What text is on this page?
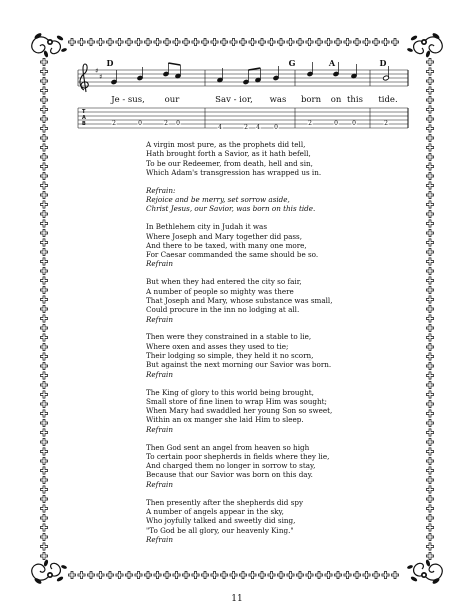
♯
♯
T
A
B
D	G	A	D
Je - sus, our	Sav - ior, was born on this tide.
2	0	2 0
4	2 4 0
2	0 0	2
A virgin most pure, as the prophets did tell,
Hath brought forth a Savior, as it hath befell,
To be our Redeemer, from death, hell and sin,
Which Adam's transgression has wrapped us in.
Refrain:
Rejoice and be merry, set sorrow aside,
Christ Jesus, our Savior, was born on this tide.
In Bethlehem city in Judah it was
Where Joseph and Mary together did pass,
And there to be taxed, with many one more,
For Caesar commanded the same should be so.
Refrain
But when they had entered the city so fair,
A number of people so mighty was there
That Joseph and Mary, whose substance was small,
Could procure in the inn no lodging at all.
Refrain
Then were they constrained in a stable to lie,
Where oxen and asses they used to tie;
Their lodging so simple, they held it no scorn,
But against the next morning our Savior was born.
Refrain
The King of glory to this world being brought,
Small store of fine linen to wrap Him was sought;
When Mary had swaddled her young Son so sweet,
Within an ox manger she laid Him to sleep.
Refrain
Then God sent an angel from heaven so high
To certain poor shepherds in fields where they lie,
And charged them no longer in sorrow to stay,
Because that our Savior was born on this day.
Refrain
Then presently after the shepherds did spy
A number of angels appear in the sky,
Who joyfully talked and sweetly did sing,
"To God be all glory, our heavenly King."
Refrain
11
